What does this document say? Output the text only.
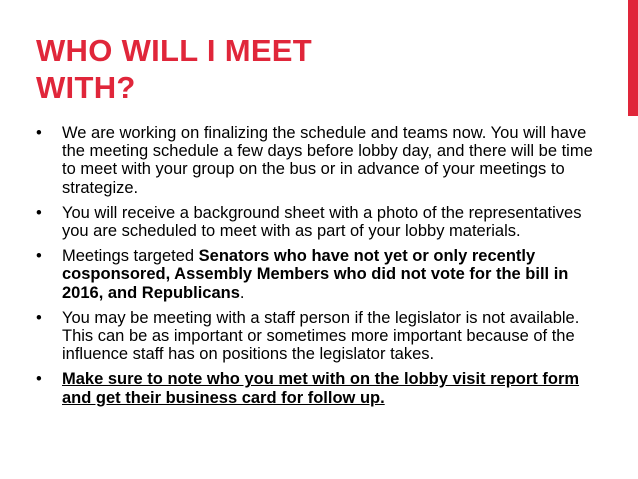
WHO WILL I MEET
WITH?
•	We are working on finalizing the schedule and teams now. You will have the meeting schedule a few days before lobby day, and there will be time to meet with your group on the bus or in advance of your meetings to strategize.
•	You will receive a background sheet with a photo of the representatives you are scheduled to meet with as part of your lobby materials.
•	Meetings targeted Senators who have not yet or only recently cosponsored, Assembly Members who did not vote for the bill in 2016, and Republicans.
•	You may be meeting with a staff person if the legislator is not available. This can be as important or sometimes more important because of the influence staff has on positions the legislator takes.
•	Make sure to note who you met with on the lobby visit report form and get their business card for follow up.
